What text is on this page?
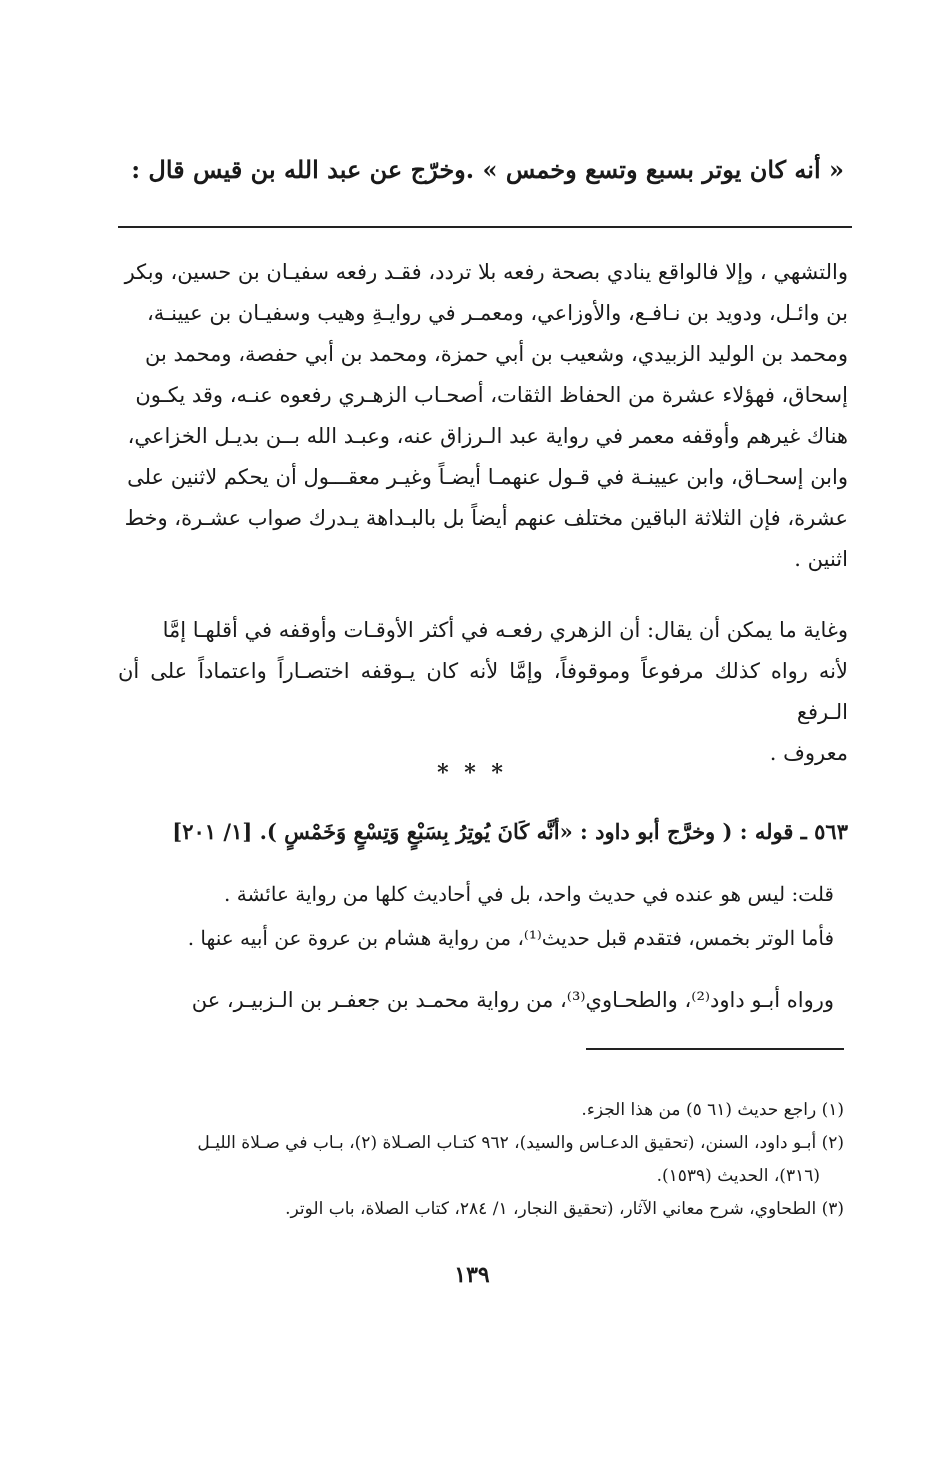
« أنه كان يوتر بسبع وتسع وخمس » .وخرّج عن عبد الله بن قيس قال :

والتشهي ، وإلا فالواقع ينادي بصحة رفعه بلا تردد، فقـد رفعه سفيـان بن حسين، وبكر

بن وائـل، ودويد بن نـافـع، والأوزاعي، ومعمـر في روايـةِ وهيب وسفيـان بن عيينـة،

ومحمد بن الوليد الزبيدي، وشعيب بن أبي حمزة، ومحمد بن أبي حفصة، ومحمد بن

إسحاق، فهؤلاء عشرة من الحفاظ الثقات، أصحـاب الزهـري رفعوه عنـه، وقد يكـون

هناك غيرهم وأوقفه معمر في رواية عبد الـرزاق عنه، وعبـد الله بــن بديـل الخزاعي،

وابن إسحـاق، وابن عيينـة في قـول عنهمـا أيضـاً وغيـر معقـــول أن يحكم لاثنين على

عشرة، فإن الثلاثة الباقين مختلف عنهم أيضاً بل بالبـداهة يـدرك صواب عشـرة، وخط

اثنين .

وغاية ما يمكن أن يقال: أن الزهري رفعـه في أكثر الأوقـات وأوقفه في أقلهـا إمَّا

لأنه رواه كذلك مرفوعاً وموقوفاً، وإمَّا لأنه كان يـوقفه اختصـاراً واعتماداً على أن الـرفع

معروف .

* * *
٥٦٣ ـ قوله : ( وخرَّج أبو داود : «أنَّه كَانَ يُوتِرُ بِسَبْعٍ وَتِسْعٍ وَخَمْسٍ ). [١/ ٢٠١]
قلت: ليس هو عنده في حديث واحد، بل في أحاديث كلها من رواية عائشة .
فأما الوتر بخمس، فتقدم قبل حديث⁽¹⁾، من رواية هشام بن عروة عن أبيه عنها .
ورواه أبـو داود⁽²⁾، والطحـاوي⁽³⁾، من رواية محمـد بن جعفـر بن الـزبيـر، عن
(١) راجع حديث (٦١ ٥) من هذا الجزء.
(٢) أبـو داود، السنن، (تحقيق الدعـاس والسيد)، ٩٦٢ كتـاب الصـلاة (٢)، بـاب في صـلاة الليـل
(٣١٦)، الحديث (١٥٣٩).
(٣) الطحاوي، شرح معاني الآثار، (تحقيق النجار، ١/ ٢٨٤، كتاب الصلاة، باب الوتر.
١٣٩
